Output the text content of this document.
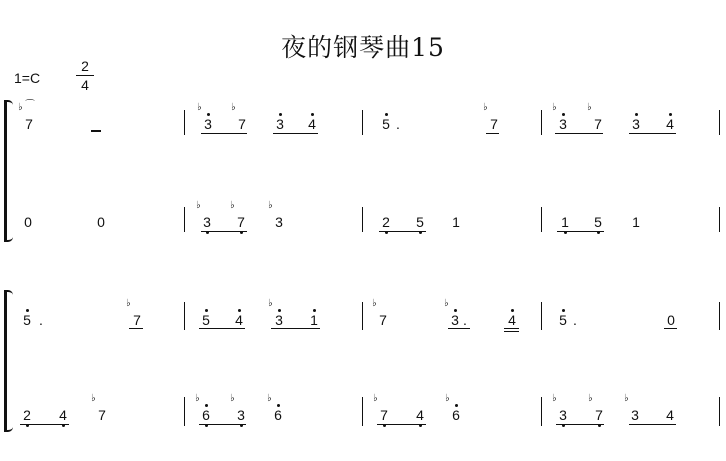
夜的钢琴曲15
1=C
2
4
7
♭
3
♭
7
♭
3 4	5 .	7
♭
3
♭
7
♭
3 4
0	0	3
♭
7
♭
3
♭
2 5 1	1 5 1
5 .	7
♭
5 4 3
♭
1	7
♭
3
♭
.	4	5 .	0
2 4 7
♭
6
♭
3
♭
6
♭
7
♭
4 6
♭
3
♭
7
♭
3
♭
4
⌒
